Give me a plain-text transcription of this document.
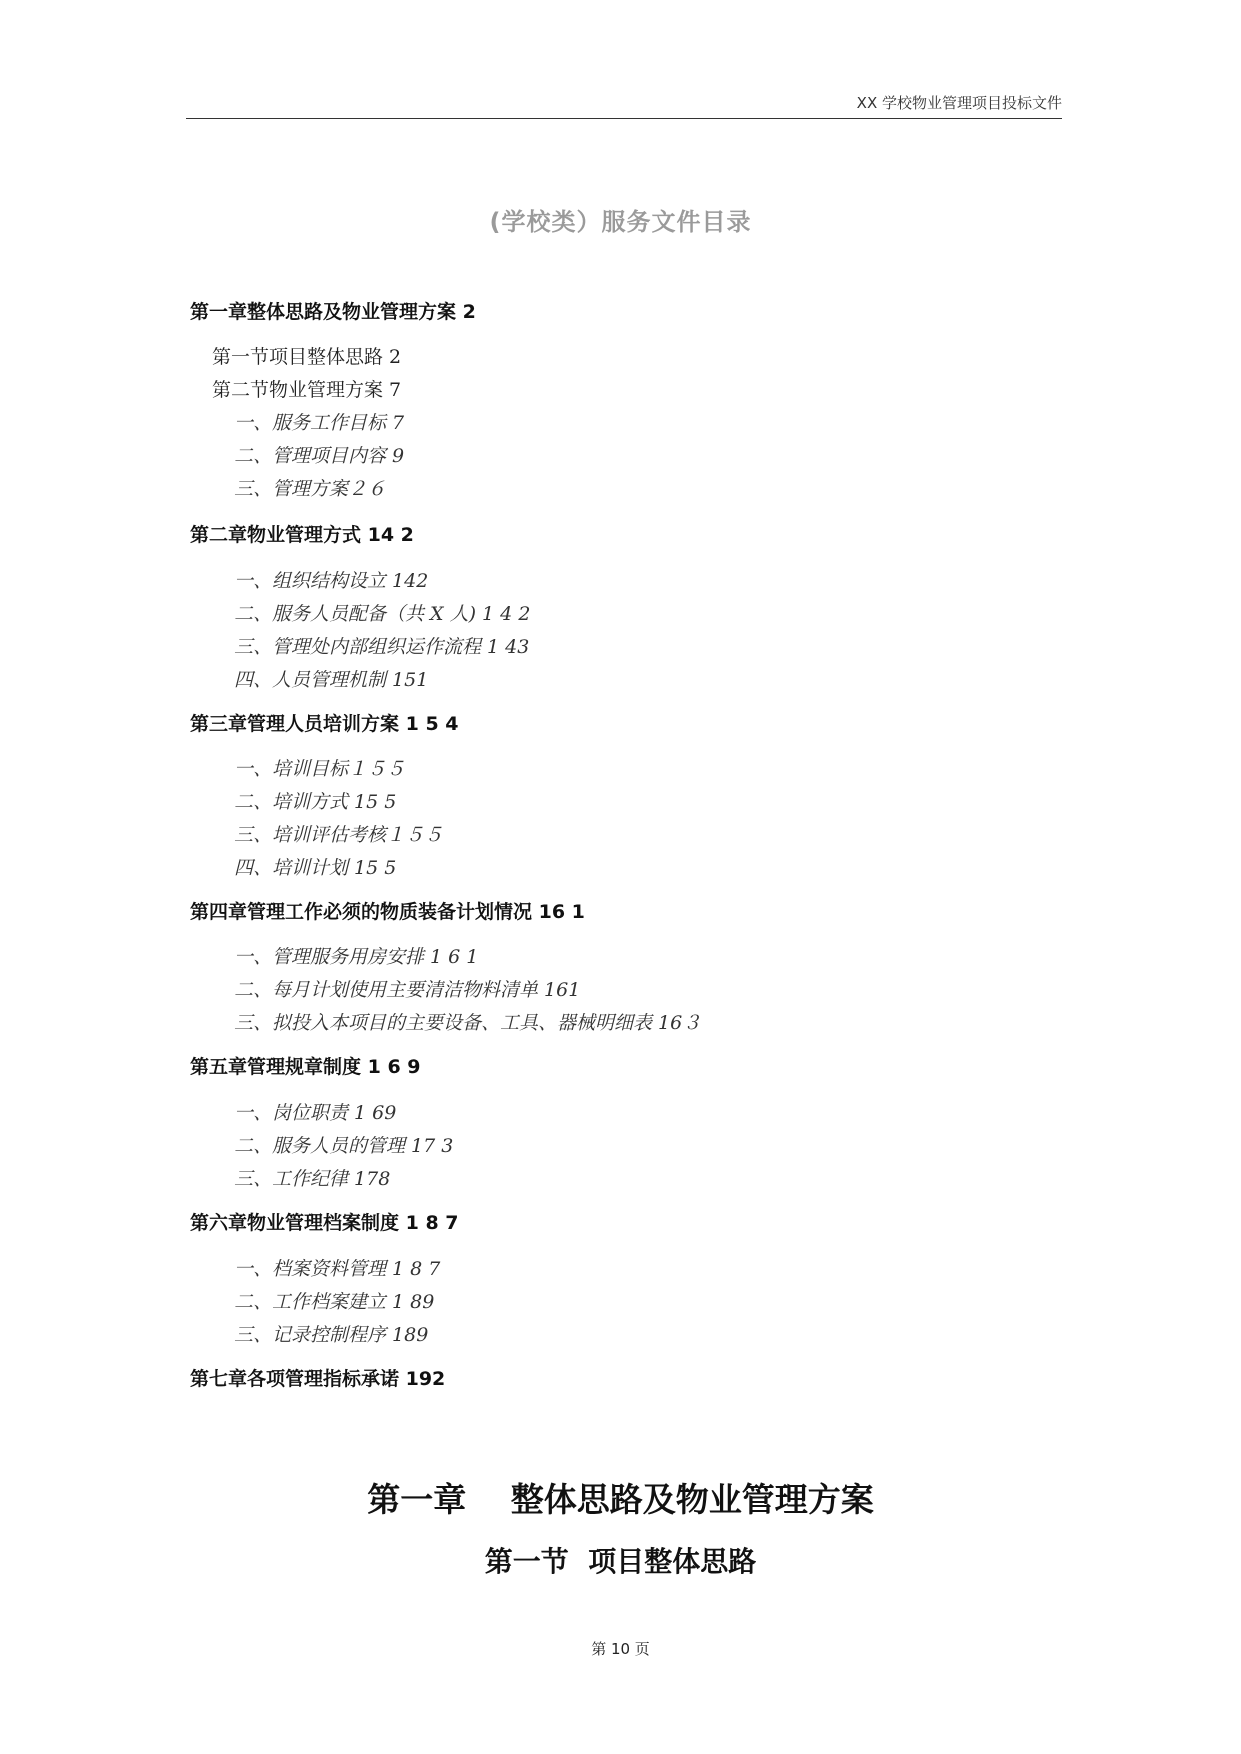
XX 学校物业管理项目投标文件
(学校类）服务文件目录
第一章整体思路及物业管理方案 2
第一节项目整体思路 2
第二节物业管理方案 7
一、服务工作目标 7
二、管理项目内容 9
三、管理方案２６
第二章物业管理方式 14 2
一、组织结构设立 142
二、服务人员配备（共 X 人) 1 4 2
三、管理处内部组织运作流程 1 43
四、人员管理机制 151
第三章管理人员培训方案 1 5 4
一、培训目标１５５
二、培训方式 15 5
三、培训评估考核１５５
四、培训计划 15 5
第四章管理工作必须的物质装备计划情况 16 1
一、管理服务用房安排 1 6 1
二、每月计划使用主要清洁物料清单 161
三、拟投入本项目的主要设备、工具、器械明细表 16３
第五章管理规章制度 1 6 9
一、岗位职责 1 69
二、服务人员的管理 17 3
三、工作纪律 178
第六章物业管理档案制度 1 8 7
一、档案资料管理 1 8 7
二、工作档案建立 1 89
三、记录控制程序 189
第七章各项管理指标承诺 192
第一章　 整体思路及物业管理方案
第一节  项目整体思路
第 10 页
